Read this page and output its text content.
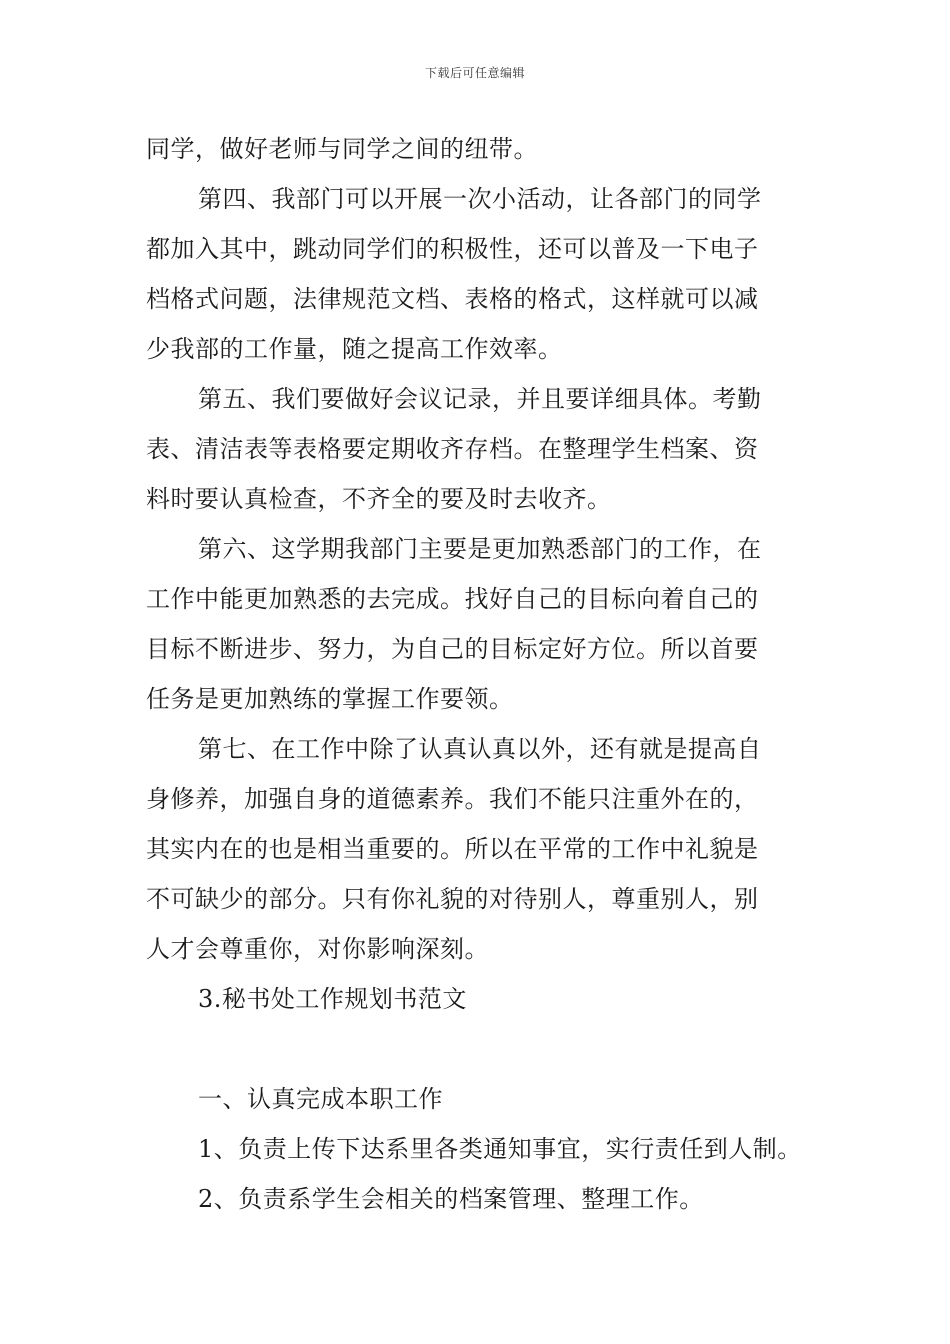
下载后可任意编辑
同学，做好老师与同学之间的纽带。
第四、我部门可以开展一次小活动，让各部门的同学
都加入其中，跳动同学们的积极性，还可以普及一下电子
档格式问题，法律规范文档、表格的格式，这样就可以减
少我部的工作量，随之提高工作效率。
第五、我们要做好会议记录，并且要详细具体。考勤
表、清洁表等表格要定期收齐存档。在整理学生档案、资
料时要认真检查，不齐全的要及时去收齐。
第六、这学期我部门主要是更加熟悉部门的工作，在
工作中能更加熟悉的去完成。找好自己的目标向着自己的
目标不断进步、努力，为自己的目标定好方位。所以首要
任务是更加熟练的掌握工作要领。
第七、在工作中除了认真认真以外，还有就是提高自
身修养，加强自身的道德素养。我们不能只注重外在的，
其实内在的也是相当重要的。所以在平常的工作中礼貌是
不可缺少的部分。只有你礼貌的对待别人，尊重别人，别
人才会尊重你，对你影响深刻。
3.秘书处工作规划书范文
一、认真完成本职工作
1、负责上传下达系里各类通知事宜，实行责任到人制。
2、负责系学生会相关的档案管理、整理工作。
